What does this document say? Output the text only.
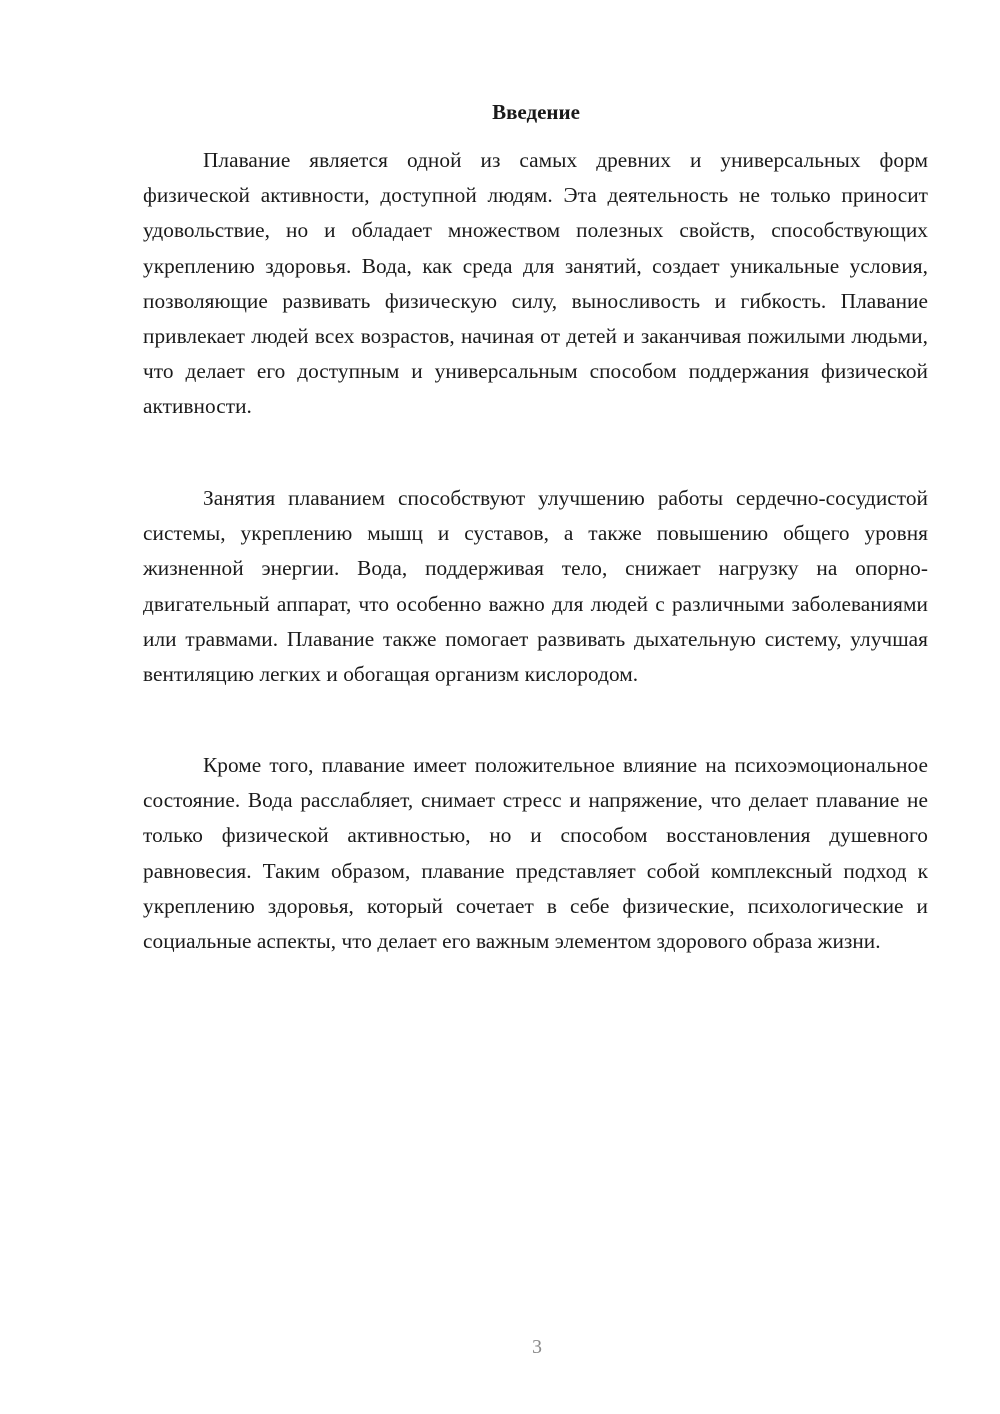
Введение

Плавание является одной из самых древних и универсальных форм физической активности, доступной людям. Эта деятельность не только приносит удовольствие, но и обладает множеством полезных свойств, способствующих укреплению здоровья. Вода, как среда для занятий, создает уникальные условия, позволяющие развивать физическую силу, выносливость и гибкость. Плавание привлекает людей всех возрастов, начиная от детей и заканчивая пожилыми людьми, что делает его доступным и универсальным способом поддержания физической активности.

Занятия плаванием способствуют улучшению работы сердечно-сосудистой системы, укреплению мышц и суставов, а также повышению общего уровня жизненной энергии. Вода, поддерживая тело, снижает нагрузку на опорно-двигательный аппарат, что особенно важно для людей с различными заболеваниями или травмами. Плавание также помогает развивать дыхательную систему, улучшая вентиляцию легких и обогащая организм кислородом.

Кроме того, плавание имеет положительное влияние на психоэмоциональное состояние. Вода расслабляет, снимает стресс и напряжение, что делает плавание не только физической активностью, но и способом восстановления душевного равновесия. Таким образом, плавание представляет собой комплексный подход к укреплению здоровья, который сочетает в себе физические, психологические и социальные аспекты, что делает его важным элементом здорового образа жизни.

3
